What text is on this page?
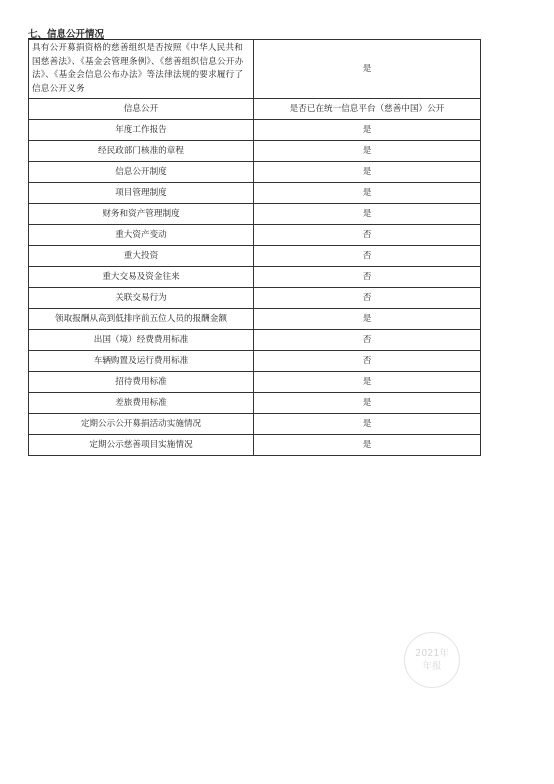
七、信息公开情况
具有公开募捐资格的慈善组织是否按照《中华人民共和国慈善法》、《基金会管理条例》、《慈善组织信息公开办法》、《基金会信息公布办法》等法律法规的要求履行了信息公开义务	是
信息公开	是否已在统一信息平台（慈善中国）公开
年度工作报告	是
经民政部门核准的章程	是
信息公开制度	是
项目管理制度	是
财务和资产管理制度	是
重大资产变动	否
重大投资	否
重大交易及资金往来	否
关联交易行为	否
领取报酬从高到低排序前五位人员的报酬金额	是
出国（境）经费费用标准	否
车辆购置及运行费用标准	否
招待费用标准	是
差旅费用标准	是
定期公示公开募捐活动实施情况	是
定期公示慈善项目实施情况	是
2021年
年报
